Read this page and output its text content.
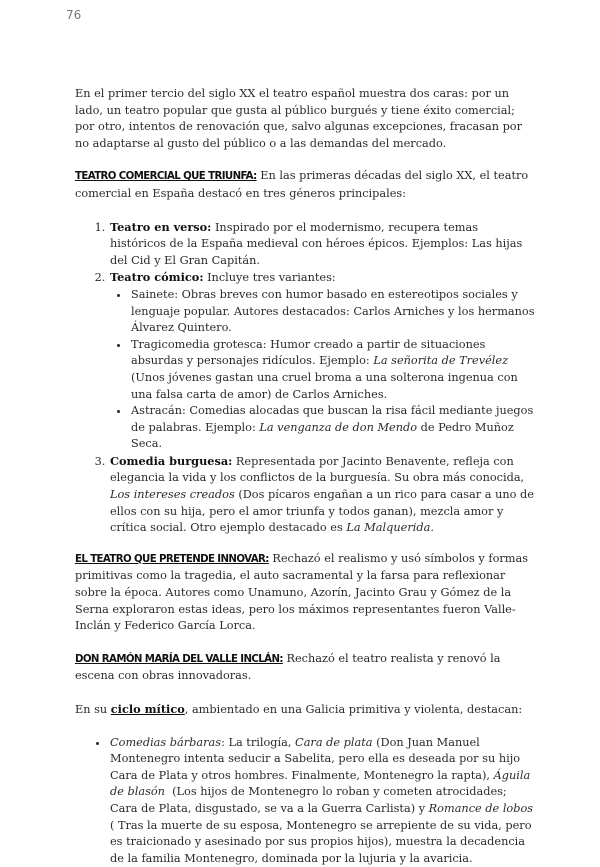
76

En el primer tercio del siglo XX el teatro español muestra dos caras: por un lado, un teatro popular que gusta al público burgués y tiene éxito comercial; por otro, intentos de renovación que, salvo algunas excepciones, fracasan por no adaptarse al gusto del público o a las demandas del mercado.

TEATRO COMERCIAL QUE TRIUNFA: En las primeras décadas del siglo XX, el teatro comercial en España destacó en tres géneros principales:

1. Teatro en verso: Inspirado por el modernismo, recupera temas históricos de la España medieval con héroes épicos. Ejemplos: Las hijas del Cid y El Gran Capitán.
2. Teatro cómico: Incluye tres variantes:
• Sainete: Obras breves con humor basado en estereotipos sociales y lenguaje popular. Autores destacados: Carlos Arniches y los hermanos Álvarez Quintero.
• Tragicomedia grotesca: Humor creado a partir de situaciones absurdas y personajes ridículos. Ejemplo: La señorita de Trevélez (Unos jóvenes gastan una cruel broma a una solterona ingenua con una falsa carta de amor) de Carlos Arniches.
• Astracán: Comedias alocadas que buscan la risa fácil mediante juegos de palabras. Ejemplo: La venganza de don Mendo de Pedro Muñoz Seca.
3. Comedia burguesa: Representada por Jacinto Benavente, refleja con elegancia la vida y los conflictos de la burguesía. Su obra más conocida, Los intereses creados (Dos pícaros engañan a un rico para casar a uno de ellos con su hija, pero el amor triunfa y todos ganan), mezcla amor y crítica social. Otro ejemplo destacado es La Malquerida.

EL TEATRO QUE PRETENDE INNOVAR: Rechazó el realismo y usó símbolos y formas primitivas como la tragedia, el auto sacramental y la farsa para reflexionar sobre la época. Autores como Unamuno, Azorín, Jacinto Grau y Gómez de la Serna exploraron estas ideas, pero los máximos representantes fueron Valle-Inclán y Federico García Lorca.

DON RAMÓN MARÍA DEL VALLE INCLÁN: Rechazó el teatro realista y renovó la escena con obras innovadoras.

En su ciclo mítico, ambientado en una Galicia primitiva y violenta, destacan:

• Comedias bárbaras: La trilogía, Cara de plata (Don Juan Manuel Montenegro intenta seducir a Sabelita, pero ella es deseada por su hijo Cara de Plata y otros hombres. Finalmente, Montenegro la rapta), Águila de blasón  (Los hijos de Montenegro lo roban y cometen atrocidades; Cara de Plata, disgustado, se va a la Guerra Carlista) y Romance de lobos ( Tras la muerte de su esposa, Montenegro se arrepiente de su vida, pero es traicionado y asesinado por sus propios hijos), muestra la decadencia de la familia Montenegro, dominada por la lujuria y la avaricia.
